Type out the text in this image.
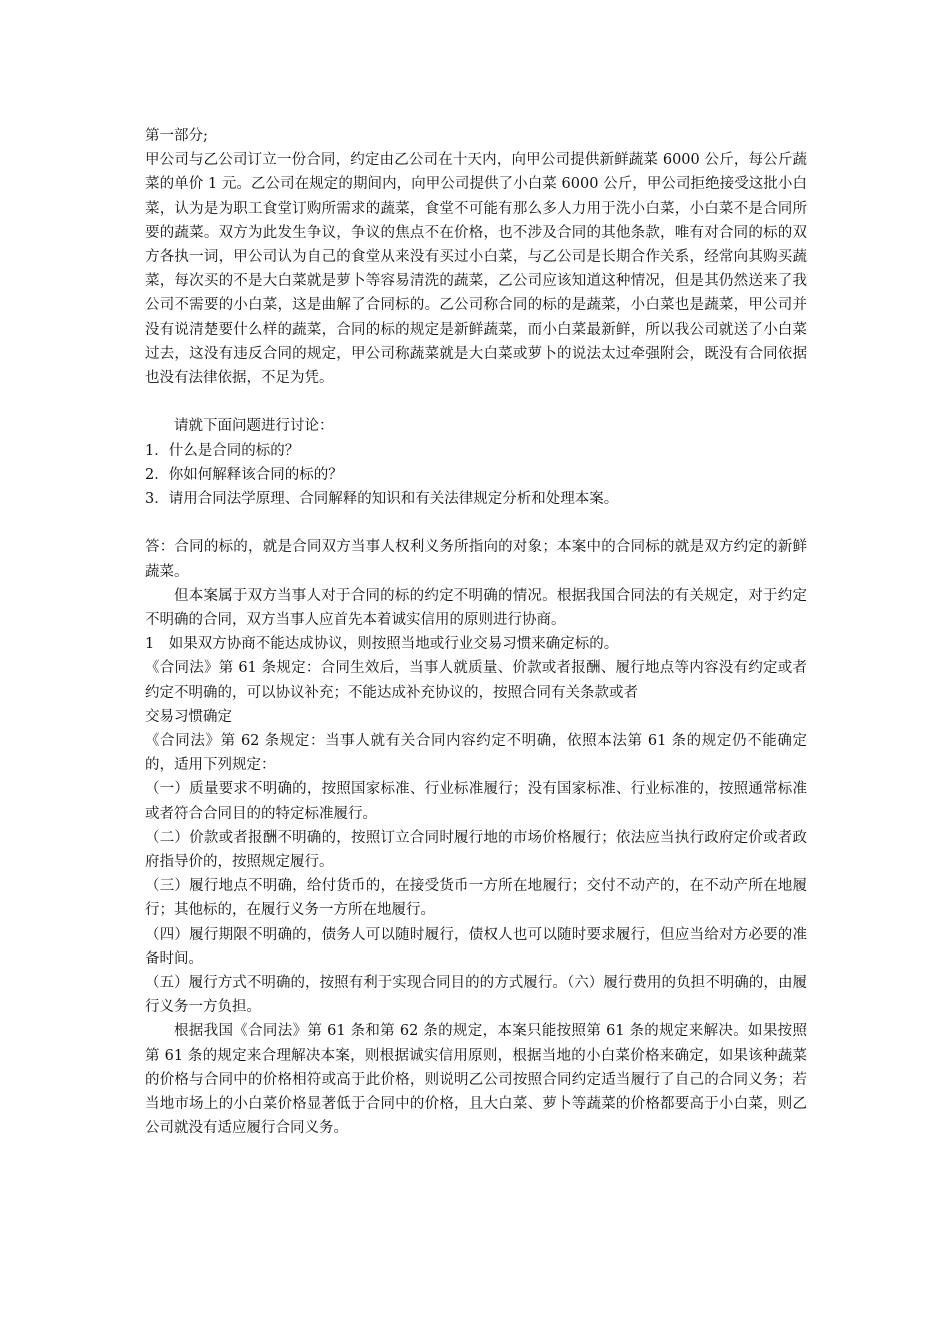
第一部分;

甲公司与乙公司订立一份合同，约定由乙公司在十天内，向甲公司提供新鲜蔬菜 6000 公斤，每公斤蔬菜的单价 1 元。乙公司在规定的期间内，向甲公司提供了小白菜 6000 公斤，甲公司拒绝接受这批小白菜，认为是为职工食堂订购所需求的蔬菜，食堂不可能有那么多人力用于洗小白菜，小白菜不是合同所要的蔬菜。双方为此发生争议，争议的焦点不在价格，也不涉及合同的其他条款，唯有对合同的标的双方各执一词，甲公司认为自己的食堂从来没有买过小白菜，与乙公司是长期合作关系，经常向其购买蔬菜，每次买的不是大白菜就是萝卜等容易清洗的蔬菜，乙公司应该知道这种情况，但是其仍然送来了我公司不需要的小白菜，这是曲解了合同标的。乙公司称合同的标的是蔬菜，小白菜也是蔬菜，甲公司并没有说清楚要什么样的蔬菜，合同的标的规定是新鲜蔬菜，而小白菜最新鲜，所以我公司就送了小白菜过去，这没有违反合同的规定，甲公司称蔬菜就是大白菜或萝卜的说法太过牵强附会，既没有合同依据也没有法律依据，不足为凭。

请就下面问题进行讨论：

1．什么是合同的标的？

2．你如何解释该合同的标的？

3．请用合同法学原理、合同解释的知识和有关法律规定分析和处理本案。

答：合同的标的，就是合同双方当事人权利义务所指向的对象；本案中的合同标的就是双方约定的新鲜蔬菜。

但本案属于双方当事人对于合同的标的约定不明确的情况。根据我国合同法的有关规定，对于约定不明确的合同，双方当事人应首先本着诚实信用的原则进行协商。

1　如果双方协商不能达成协议，则按照当地或行业交易习惯来确定标的。

《合同法》第 61 条规定：合同生效后，当事人就质量、价款或者报酬、履行地点等内容没有约定或者约定不明确的，可以协议补充；不能达成补充协议的，按照合同有关条款或者
交易习惯确定

《合同法》第 62 条规定：当事人就有关合同内容约定不明确，依照本法第 61 条的规定仍不能确定的，适用下列规定：

（一）质量要求不明确的，按照国家标准、行业标准履行；没有国家标准、行业标准的，按照通常标准或者符合合同目的的特定标准履行。

（二）价款或者报酬不明确的，按照订立合同时履行地的市场价格履行；依法应当执行政府定价或者政府指导价的，按照规定履行。

（三）履行地点不明确，给付货币的，在接受货币一方所在地履行；交付不动产的，在不动产所在地履行；其他标的，在履行义务一方所在地履行。

（四）履行期限不明确的，债务人可以随时履行，债权人也可以随时要求履行，但应当给对方必要的准备时间。

（五）履行方式不明确的，按照有利于实现合同目的的方式履行。（六）履行费用的负担不明确的，由履行义务一方负担。

根据我国《合同法》第 61 条和第 62 条的规定，本案只能按照第 61 条的规定来解决。如果按照第 61 条的规定来合理解决本案，则根据诚实信用原则，根据当地的小白菜价格来确定，如果该种蔬菜的价格与合同中的价格相符或高于此价格，则说明乙公司按照合同约定适当履行了自己的合同义务；若当地市场上的小白菜价格显著低于合同中的价格，且大白菜、萝卜等蔬菜的价格都要高于小白菜，则乙公司就没有适应履行合同义务。
